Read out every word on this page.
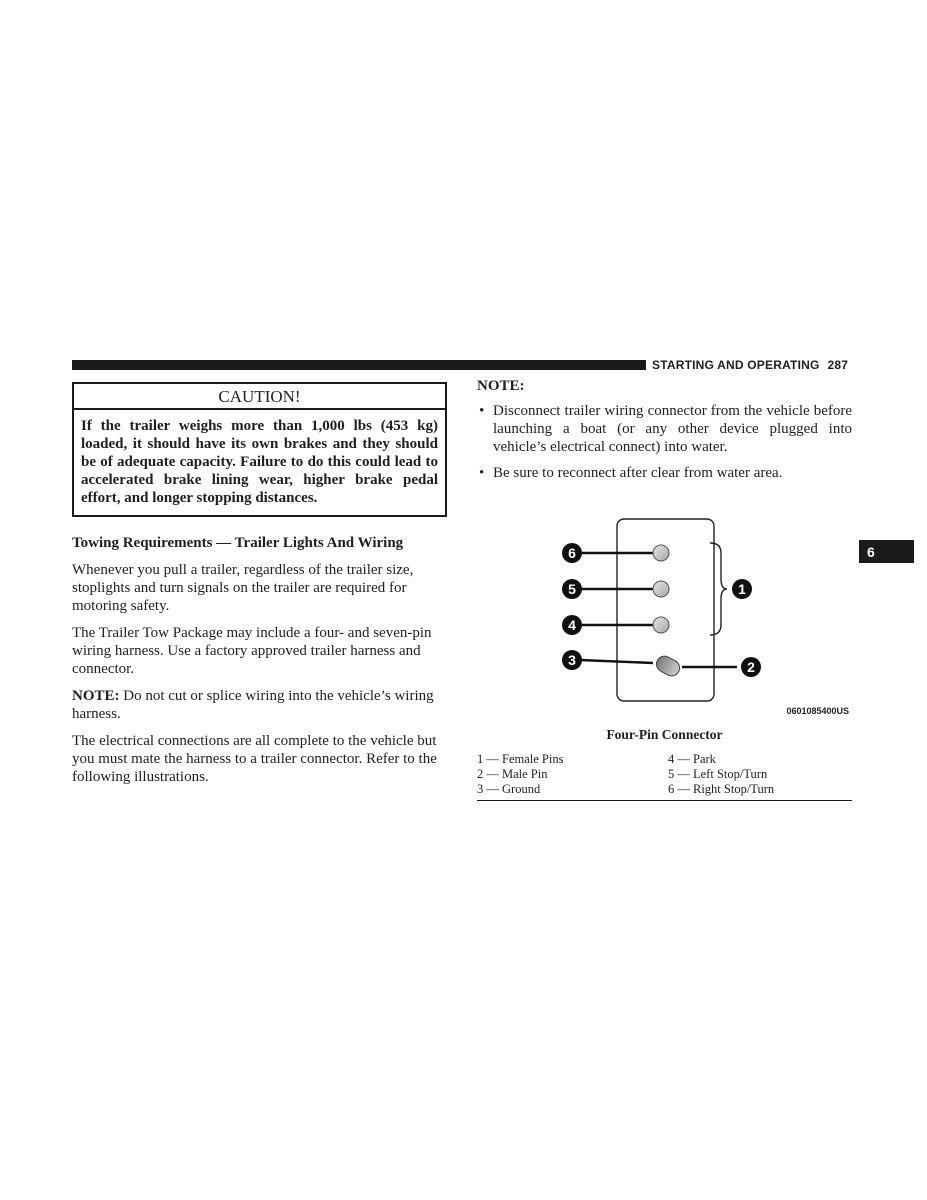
STARTING AND OPERATING 287
6
CAUTION!
If the trailer weighs more than 1,000 lbs (453 kg) loaded, it should have its own brakes and they should be of adequate capacity. Failure to do this could lead to accelerated brake lining wear, higher brake pedal effort, and longer stopping distances.
Towing Requirements — Trailer Lights And Wiring
Whenever you pull a trailer, regardless of the trailer size, stoplights and turn signals on the trailer are required for motoring safety.
The Trailer Tow Package may include a four- and seven-pin wiring harness. Use a factory approved trailer harness and connector.
NOTE: Do not cut or splice wiring into the vehicle’s wiring harness.
The electrical connections are all complete to the vehicle but you must mate the harness to a trailer connector. Refer to the following illustrations.
NOTE:
• Disconnect trailer wiring connector from the vehicle before launching a boat (or any other device plugged into vehicle’s electrical connect) into water.
• Be sure to reconnect after clear from water area.
6
5
4
3	2
1
0601085400US
Four-Pin Connector
1 — Female Pins	4 — Park
2 — Male Pin	5 — Left Stop/Turn
3 — Ground	6 — Right Stop/Turn
